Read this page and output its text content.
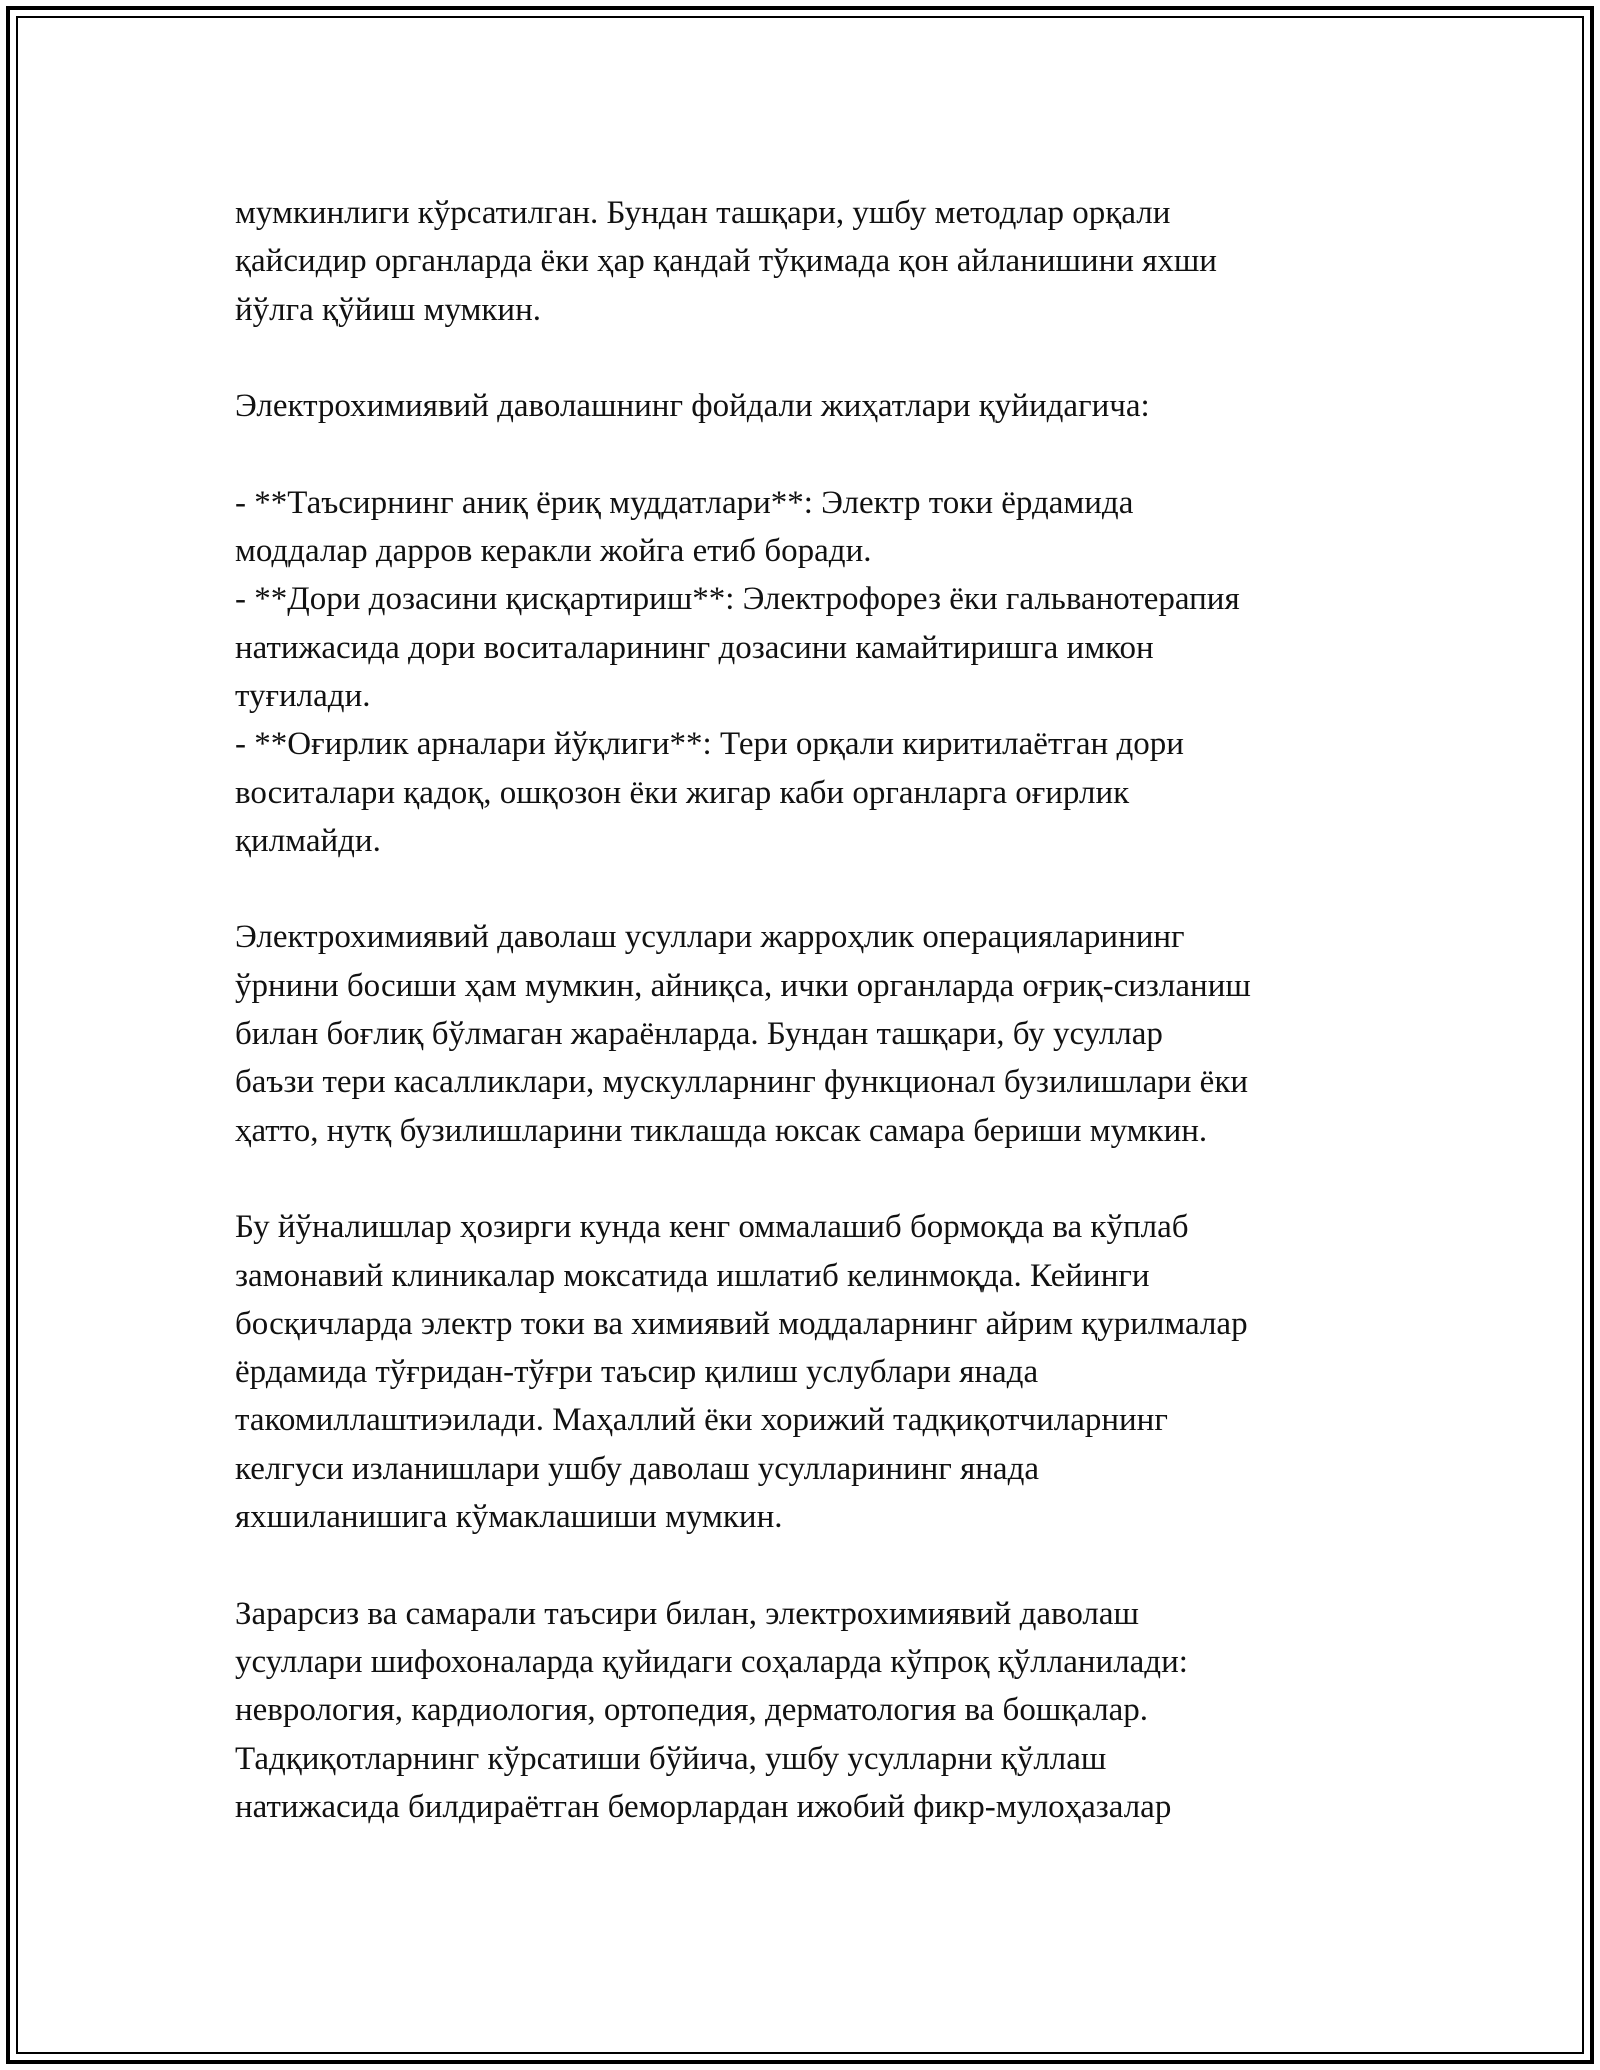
мумкинлиги кўрсатилган. Бундан ташқари, ушбу методлар орқали
қайсидир органларда ёки ҳар қандай тўқимада қон айланишини яхши
йўлга қўйиш мумкин.
Электрохимиявий даволашнинг фойдали жиҳатлари қуйидагича:
- **Таъсирнинг аниқ ёриқ муддатлари**: Электр токи ёрдамида
моддалар дарров керакли жойга етиб боради.
- **Дори дозасини қисқартириш**: Электрофорез ёки гальванотерапия
натижасида дори воситаларининг дозасини камайтиришга имкон
туғилади.
- **Оғирлик арналари йўқлиги**: Тери орқали киритилаётган дори
воситалари қадоқ, ошқозон ёки жигар каби органларга оғирлик
қилмайди.
Электрохимиявий даволаш усуллари жарроҳлик операцияларининг
ўрнини босиши ҳам мумкин, айниқса, ички органларда оғриқ-сизланиш
билан боғлиқ бўлмаган жараёнларда. Бундан ташқари, бу усуллар
баъзи тери касалликлари, мускулларнинг функционал бузилишлари ёки
ҳатто, нутқ бузилишларини тиклашда юксак самара бериши мумкин.
Бу йўналишлар ҳозирги кунда кенг оммалашиб бормоқда ва кўплаб
замонавий клиникалар моксатида ишлатиб келинмоқда. Кейинги
босқичларда электр токи ва химиявий моддаларнинг айрим қурилмалар
ёрдамида тўғридан-тўғри таъсир қилиш услублари янада
такомиллаштиэилади. Маҳаллий ёки хорижий тадқиқотчиларнинг
келгуси изланишлари ушбу даволаш усулларининг янада
яхшиланишига кўмаклашиши мумкин.
Зарарсиз ва самарали таъсири билан, электрохимиявий даволаш
усуллари шифохоналарда қуйидаги соҳаларда кўпроқ қўлланилади:
неврология, кардиология, ортопедия, дерматология ва бошқалар.
Тадқиқотларнинг кўрсатиши бўйича, ушбу усулларни қўллаш
натижасида билдираётган беморлардан ижобий фикр-мулоҳазалар
